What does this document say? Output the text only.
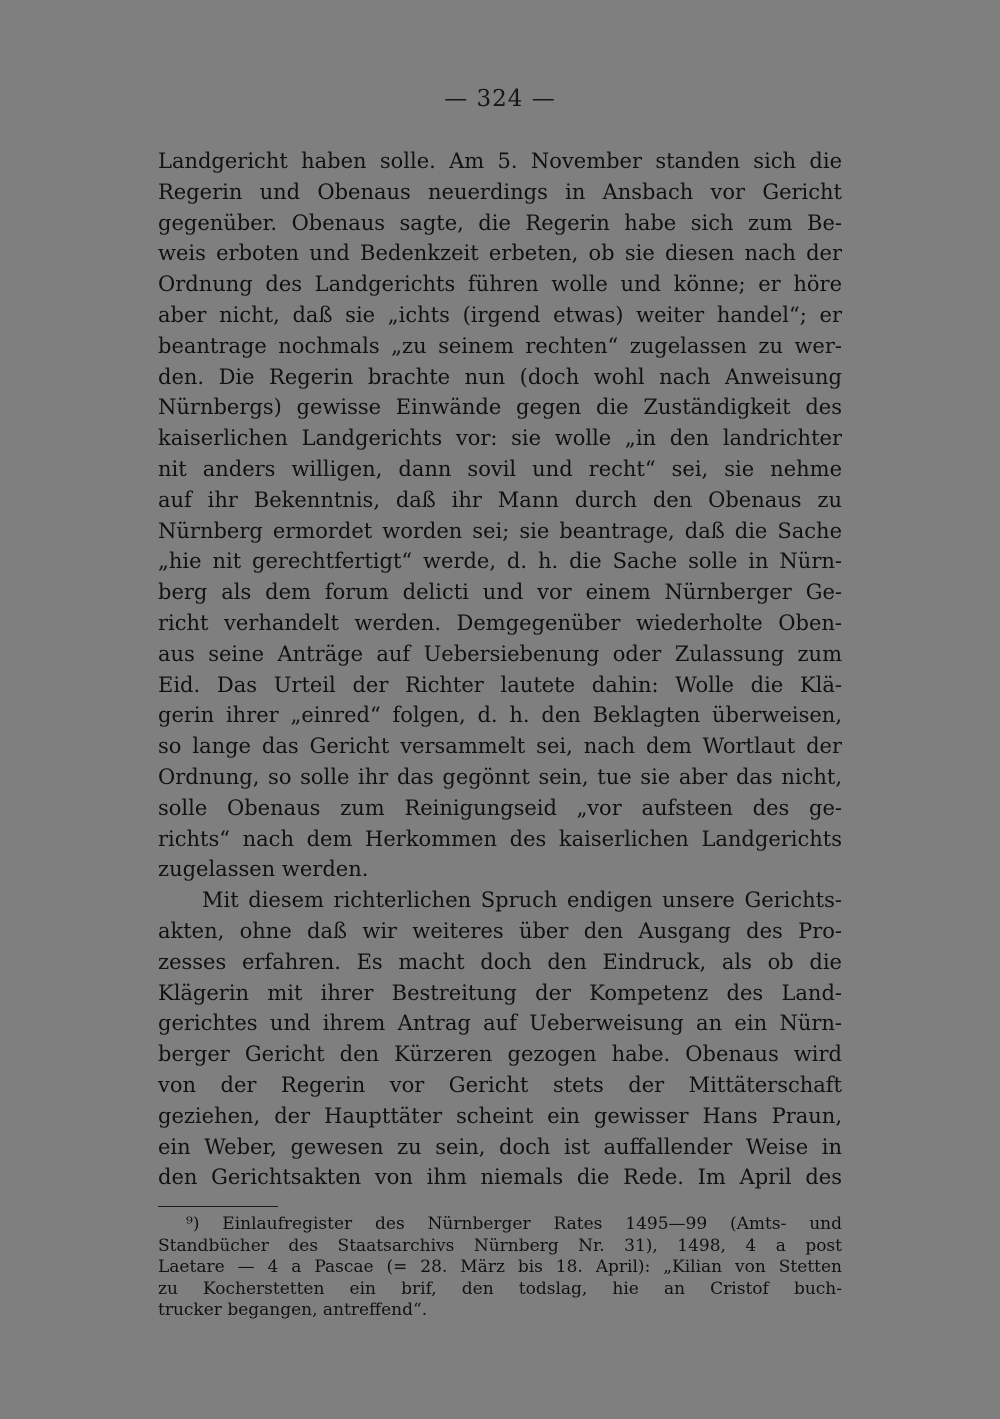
— 324 —
Landgericht haben solle. Am 5. November standen sich die
Regerin und Obenaus neuerdings in Ansbach vor Gericht
gegenüber. Obenaus sagte, die Regerin habe sich zum Be-
weis erboten und Bedenkzeit erbeten, ob sie diesen nach der
Ordnung des Landgerichts führen wolle und könne; er höre
aber nicht, daß sie „ichts (irgend etwas) weiter handel“; er
beantrage nochmals „zu seinem rechten“ zugelassen zu wer-
den. Die Regerin brachte nun (doch wohl nach Anweisung
Nürnbergs) gewisse Einwände gegen die Zuständigkeit des
kaiserlichen Landgerichts vor: sie wolle „in den landrichter
nit anders willigen, dann sovil und recht“ sei, sie nehme
auf ihr Bekenntnis, daß ihr Mann durch den Obenaus zu
Nürnberg ermordet worden sei; sie beantrage, daß die Sache
„hie nit gerechtfertigt“ werde, d. h. die Sache solle in Nürn-
berg als dem forum delicti und vor einem Nürnberger Ge-
richt verhandelt werden. Demgegenüber wiederholte Oben-
aus seine Anträge auf Uebersiebenung oder Zulassung zum
Eid. Das Urteil der Richter lautete dahin: Wolle die Klä-
gerin ihrer „einred“ folgen, d. h. den Beklagten überweisen,
so lange das Gericht versammelt sei, nach dem Wortlaut der
Ordnung, so solle ihr das gegönnt sein, tue sie aber das nicht,
solle Obenaus zum Reinigungseid „vor aufsteen des ge-
richts“ nach dem Herkommen des kaiserlichen Landgerichts
zugelassen werden.
Mit diesem richterlichen Spruch endigen unsere Gerichts-
akten, ohne daß wir weiteres über den Ausgang des Pro-
zesses erfahren. Es macht doch den Eindruck, als ob die
Klägerin mit ihrer Bestreitung der Kompetenz des Land-
gerichtes und ihrem Antrag auf Ueberweisung an ein Nürn-
berger Gericht den Kürzeren gezogen habe. Obenaus wird
von der Regerin vor Gericht stets der Mittäterschaft
geziehen, der Haupttäter scheint ein gewisser Hans Praun,
ein Weber, gewesen zu sein, doch ist auffallender Weise in
den Gerichtsakten von ihm niemals die Rede. Im April des
⁹) Einlaufregister des Nürnberger Rates 1495—99 (Amts- und
Standbücher des Staatsarchivs Nürnberg Nr. 31), 1498, 4 a post
Laetare — 4 a Pascae (= 28. März bis 18. April): „Kilian von Stetten
zu Kocherstetten ein brif, den todslag, hie an Cristof buch-
trucker begangen, antreffend“.
